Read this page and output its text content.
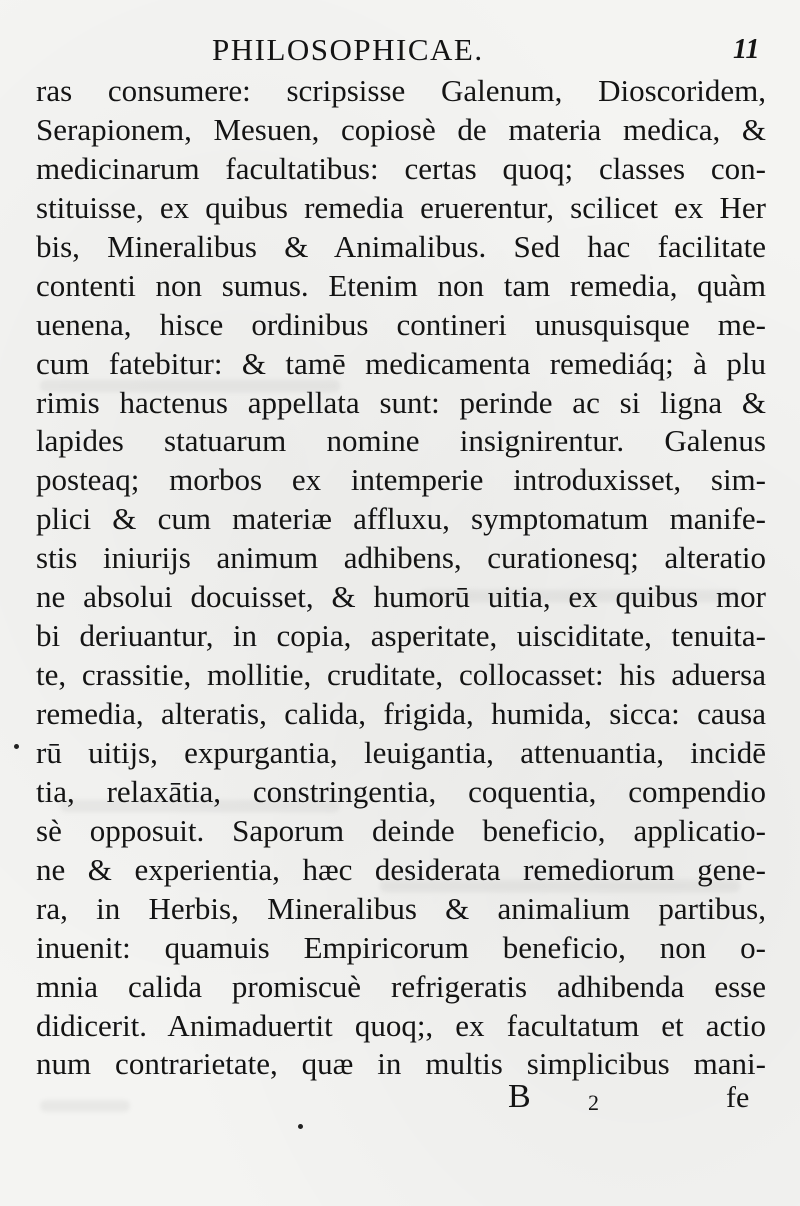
PHILOSOPHICAE.	11
ras consumere: scripsisse Galenum, Dioscoridem,
Serapionem, Mesuen, copiosè de materia medica, &
medicinarum facultatibus: certas quoq; classes con-
stituisse, ex quibus remedia eruerentur, scilicet ex Her
bis, Mineralibus & Animalibus. Sed hac facilitate
contenti non sumus. Etenim non tam remedia, quàm
uenena, hisce ordinibus contineri unusquisque me-
cum fatebitur: & tamē medicamenta remediáq; à plu
rimis hactenus appellata sunt: perinde ac si ligna &
lapides statuarum nomine insignirentur. Galenus
posteaq; morbos ex intemperie introduxisset, sim-
plici & cum materiæ affluxu, symptomatum manife-
stis iniurijs animum adhibens, curationesq; alteratio
ne absolui docuisset, & humorū uitia, ex quibus mor
bi deriuantur, in copia, asperitate, uisciditate, tenuita-
te, crassitie, mollitie, cruditate, collocasset: his aduersa
remedia, alteratis, calida, frigida, humida, sicca: causa
rū uitijs, expurgantia, leuigantia, attenuantia, incidē
tia, relaxātia, constringentia, coquentia, compendio
sè opposuit. Saporum deinde beneficio, applicatio-
ne & experientia, hæc desiderata remediorum gene-
ra, in Herbis, Mineralibus & animalium partibus,
inuenit: quamuis Empiricorum beneficio, non o-
mnia calida promiscuè refrigeratis adhibenda esse
didicerit. Animaduertit quoq;, ex facultatum et actio
num contrarietate, quæ in multis simplicibus mani-
B	2	fe
